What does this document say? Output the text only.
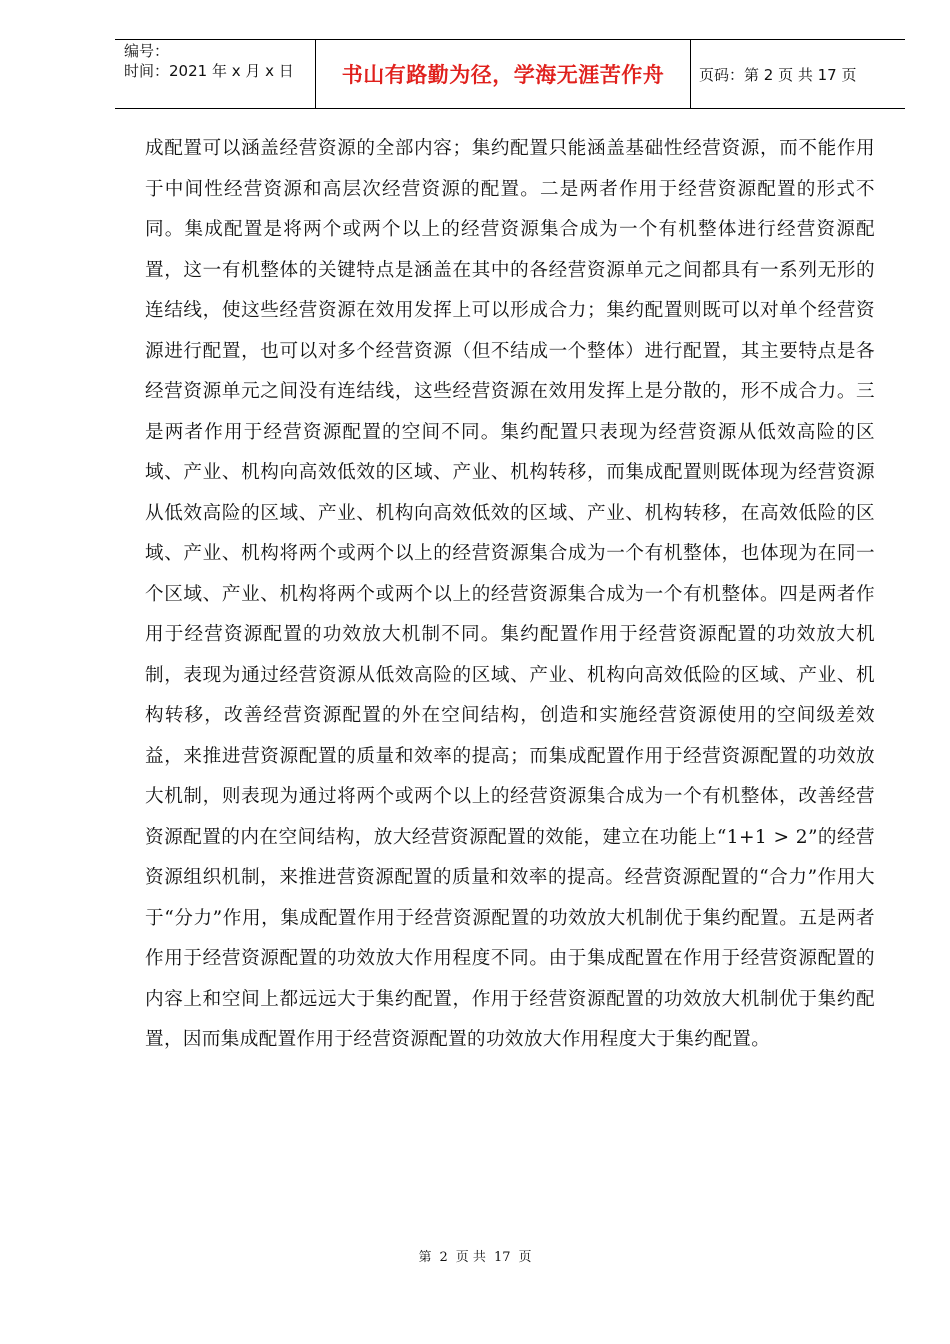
编号：
时间：2021 年 x 月 x 日 书山有路勤为径，学海无涯苦作舟 页码：第 2 页 共 17 页

成配置可以涵盖经营资源的全部内容；集约配置只能涵盖基础性经营资源，而不能作用于中间性经营资源和高层次经营资源的配置。二是两者作用于经营资源配置的形式不同。集成配置是将两个或两个以上的经营资源集合成为一个有机整体进行经营资源配置，这一有机整体的关键特点是涵盖在其中的各经营资源单元之间都具有一系列无形的连结线，使这些经营资源在效用发挥上可以形成合力；集约配置则既可以对单个经营资源进行配置，也可以对多个经营资源（但不结成一个整体）进行配置，其主要特点是各经营资源单元之间没有连结线，这些经营资源在效用发挥上是分散的，形不成合力。三是两者作用于经营资源配置的空间不同。集约配置只表现为经营资源从低效高险的区域、产业、机构向高效低效的区域、产业、机构转移，而集成配置则既体现为经营资源从低效高险的区域、产业、机构向高效低效的区域、产业、机构转移，在高效低险的区域、产业、机构将两个或两个以上的经营资源集合成为一个有机整体，也体现为在同一个区域、产业、机构将两个或两个以上的经营资源集合成为一个有机整体。四是两者作用于经营资源配置的功效放大机制不同。集约配置作用于经营资源配置的功效放大机制，表现为通过经营资源从低效高险的区域、产业、机构向高效低险的区域、产业、机构转移，改善经营资源配置的外在空间结构，创造和实施经营资源使用的空间级差效益，来推进营资源配置的质量和效率的提高；而集成配置作用于经营资源配置的功效放大机制，则表现为通过将两个或两个以上的经营资源集合成为一个有机整体，改善经营资源配置的内在空间结构，放大经营资源配置的效能，建立在功能上“1+1 > 2”的经营资源组织机制，来推进营资源配置的质量和效率的提高。经营资源配置的“合力”作用大于“分力”作用，集成配置作用于经营资源配置的功效放大机制优于集约配置。五是两者作用于经营资源配置的功效放大作用程度不同。由于集成配置在作用于经营资源配置的内容上和空间上都远远大于集约配置，作用于经营资源配置的功效放大机制优于集约配置，因而集成配置作用于经营资源配置的功效放大作用程度大于集约配置。

第 2 页 共 17 页
